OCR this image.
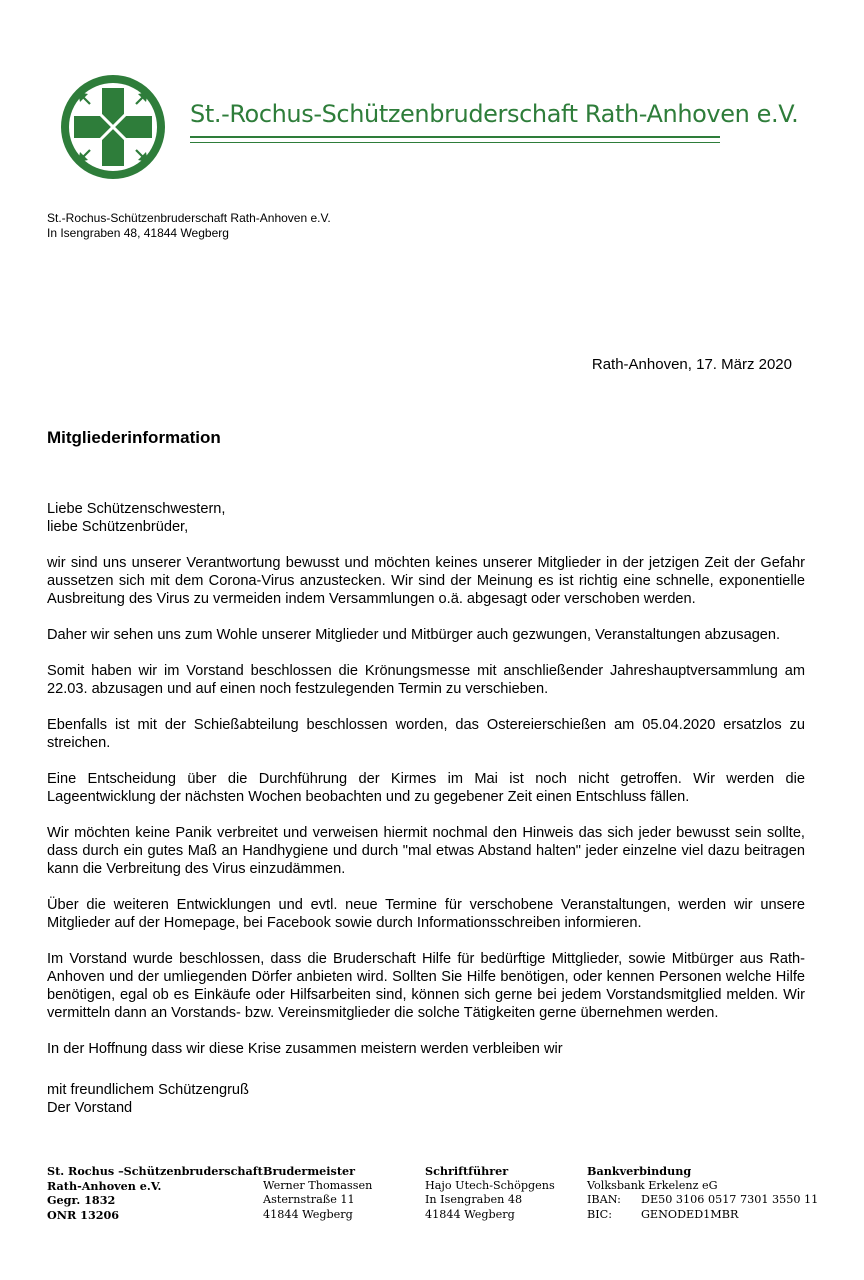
St.-Rochus-Schützenbruderschaft Rath-Anhoven e.V.
St.-Rochus-Schützenbruderschaft Rath-Anhoven e.V.
In Isengraben 48, 41844 Wegberg
Rath-Anhoven, 17. März 2020
Mitgliederinformation

Liebe Schützenschwestern,
liebe Schützenbrüder,

wir sind uns unserer Verantwortung bewusst und möchten keines unserer Mitglieder in der jetzigen Zeit der Gefahr aussetzen sich mit dem Corona-Virus anzustecken. Wir sind der Meinung es ist richtig eine schnelle, exponentielle Ausbreitung des Virus zu vermeiden indem Versammlungen o.ä. abgesagt oder verschoben werden.

Daher wir sehen uns zum Wohle unserer Mitglieder und Mitbürger auch gezwungen, Veranstaltungen abzusagen.

Somit haben wir im Vorstand beschlossen die Krönungsmesse mit anschließender Jahreshauptversammlung am 22.03. abzusagen und auf einen noch festzulegenden Termin zu verschieben.

Ebenfalls ist mit der Schießabteilung beschlossen worden, das Ostereierschießen am 05.04.2020 ersatzlos zu streichen.

Eine Entscheidung über die Durchführung der Kirmes im Mai ist noch nicht getroffen. Wir werden die Lageentwicklung der nächsten Wochen beobachten und zu gegebener Zeit einen Entschluss fällen.

Wir möchten keine Panik verbreitet und verweisen hiermit nochmal den Hinweis das sich jeder bewusst sein sollte, dass durch ein gutes Maß an Handhygiene und durch "mal etwas Abstand halten" jeder einzelne viel dazu beitragen kann die Verbreitung des Virus einzudämmen.

Über die weiteren Entwicklungen und evtl. neue Termine für verschobene Veranstaltungen, werden wir unsere Mitglieder auf der Homepage, bei Facebook sowie durch Informationsschreiben informieren.

Im Vorstand wurde beschlossen, dass die Bruderschaft Hilfe für bedürftige Mittglieder, sowie Mitbürger aus Rath-Anhoven und der umliegenden Dörfer anbieten wird. Sollten Sie Hilfe benötigen, oder kennen Personen welche Hilfe benötigen, egal ob es Einkäufe oder Hilfsarbeiten sind, können sich gerne bei jedem Vorstandsmitglied melden. Wir vermitteln dann an Vorstands- bzw. Vereinsmitglieder die solche Tätigkeiten gerne übernehmen werden.

In der Hoffnung dass wir diese Krise zusammen meistern werden verbleiben wir

mit freundlichem Schützengruß
Der Vorstand
St. Rochus –Schützenbruderschaft
Rath-Anhoven e.V.
Gegr. 1832
ONR 13206
Brudermeister
Werner Thomassen
Asternstraße 11
41844 Wegberg
Schriftführer
Hajo Utech-Schöpgens
In Isengraben 48
41844 Wegberg
Bankverbindung
Volksbank Erkelenz eG
IBAN:	DE50 3106 0517 7301 3550 11
BIC:	GENODED1MBR
